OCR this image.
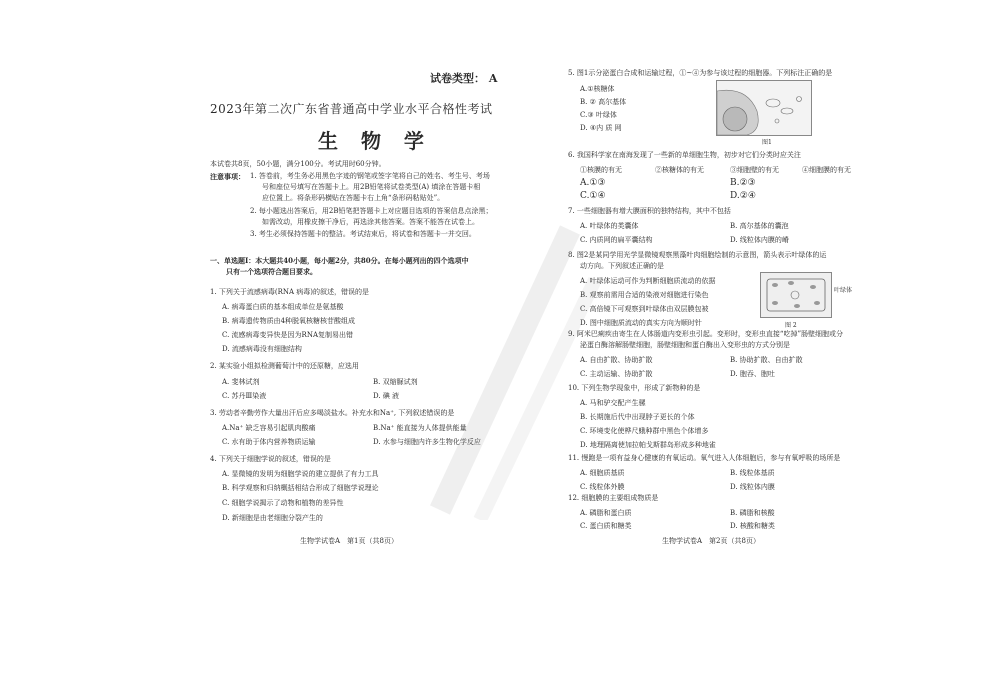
试卷类型： A
2023年第二次广东省普通高中学业水平合格性考试
生 物 学
本试卷共8页，50小题，满分100分。考试用时60分钟。
注意事项： 1. 答卷前，考生务必用黑色字迹的钢笔或签字笔将自己的姓名、考生号、考场
号和座位号填写在答题卡上。用2B铅笔将试卷类型(A) 填涂在答题卡相
应位置上。将条形码横贴在答题卡右上角“条形码粘贴处”。
2. 每小题选出答案后，用2B铅笔把答题卡上对应题目选项的答案信息点涂黑；
如需改动，用橡皮擦干净后，再选涂其他答案。答案不能答在试卷上。
3. 考生必须保持答题卡的整洁。考试结束后，将试卷和答题卡一并交回。
一、单选题Ⅰ：本大题共40小题，每小题2分，共80分。在每小题列出的四个选项中
只有一个选项符合题目要求。
1. 下列关于流感病毒(RNA 病毒)的叙述，错误的是
A. 病毒蛋白质的基本组成单位是氨基酸
B. 病毒遗传物质由4种脱氧核糖核苷酸组成
C. 流感病毒变异快是因为RNA复制易出错
D. 流感病毒没有细胞结构
2. 某实验小组拟检测葡萄汁中的还原糖，应选用
A. 斐林试剂	B. 双缩脲试剂
C. 苏丹Ⅲ染液	D. 碘 液
3. 劳动者辛勤劳作大量出汗后应多喝淡盐水。补充水和Na⁺, 下列叙述错误的是
A.Na⁺ 缺乏容易引起肌肉酸痛	B.Na⁺ 能直接为人体提供能量
C. 水有助于体内营养物质运输	D. 水参与细胞内许多生物化学反应
4. 下列关于细胞学说的叙述，错误的是
A. 显微镜的发明为细胞学说的建立提供了有力工具
B. 科学观察和归纳概括相结合形成了细胞学说理论
C. 细胞学说揭示了动物和植物的差异性
D. 新细胞是由老细胞分裂产生的
生物学试卷A　第1页（共8页）
5. 图1示分泌蛋白合成和运输过程，①~④为参与该过程的细胞器。下列标注正确的是
A.①核糖体
B. ② 高尔基体
C.③ 叶绿体
D. ④内 质 网
图1
6. 我国科学家在南海发现了一些新的单细胞生物，初步对它们分类时应关注
①核膜的有无	②核糖体的有无	③细胞壁的有无	④细胞膜的有无
A.①③	B.②③
C.①④	D.②④
7. 一些细胞器有增大膜面积的独特结构，其中不包括
A. 叶绿体的类囊体	B. 高尔基体的囊泡
C. 内质网的扁平囊结构	D. 线粒体内膜的嵴
8. 图2是某同学用光学显微镜观察黑藻叶肉细胞绘制的示意图，箭头表示叶绿体的运
动方向。下列叙述正确的是
A. 叶绿体运动可作为判断细胞质流动的依据
B. 观察前需用合适的染液对细胞进行染色
C. 高倍镜下可观察到叶绿体由双层膜包被
D. 图中细胞质流动的真实方向为顺时针
叶绿体
图 2
9. 阿米巴痢疾由寄生在人体肠道内变形虫引起。变形时，变形虫直接“吃掉”肠壁细胞或分
泌蛋白酶溶解肠壁细胞，肠壁细胞和蛋白酶出入变形虫的方式分别是
A. 自由扩散、协助扩散	B. 协助扩散、自由扩散
C. 主动运输、协助扩散	D. 胞吞、胞吐
10. 下列生物学现象中，形成了新物种的是
A. 马和驴交配产生骡
B. 长期施后代中出现脖子更长的个体
C. 环境变化使桦尺蛾种群中黑色个体增多
D. 地理隔离使加拉帕戈斯群岛形成多种地雀
11. 慢跑是一项有益身心健康的有氧运动。氧气进入人体细胞后，参与有氧呼吸的场所是
A. 细胞质基质	B. 线粒体基质
C. 线粒体外膜	D. 线粒体内膜
12. 细胞膜的主要组成物质是
A. 磷脂和蛋白质	B. 磷脂和核酸
C. 蛋白质和糖类	D. 核酸和糖类
生物学试卷A　第2页（共8页）
